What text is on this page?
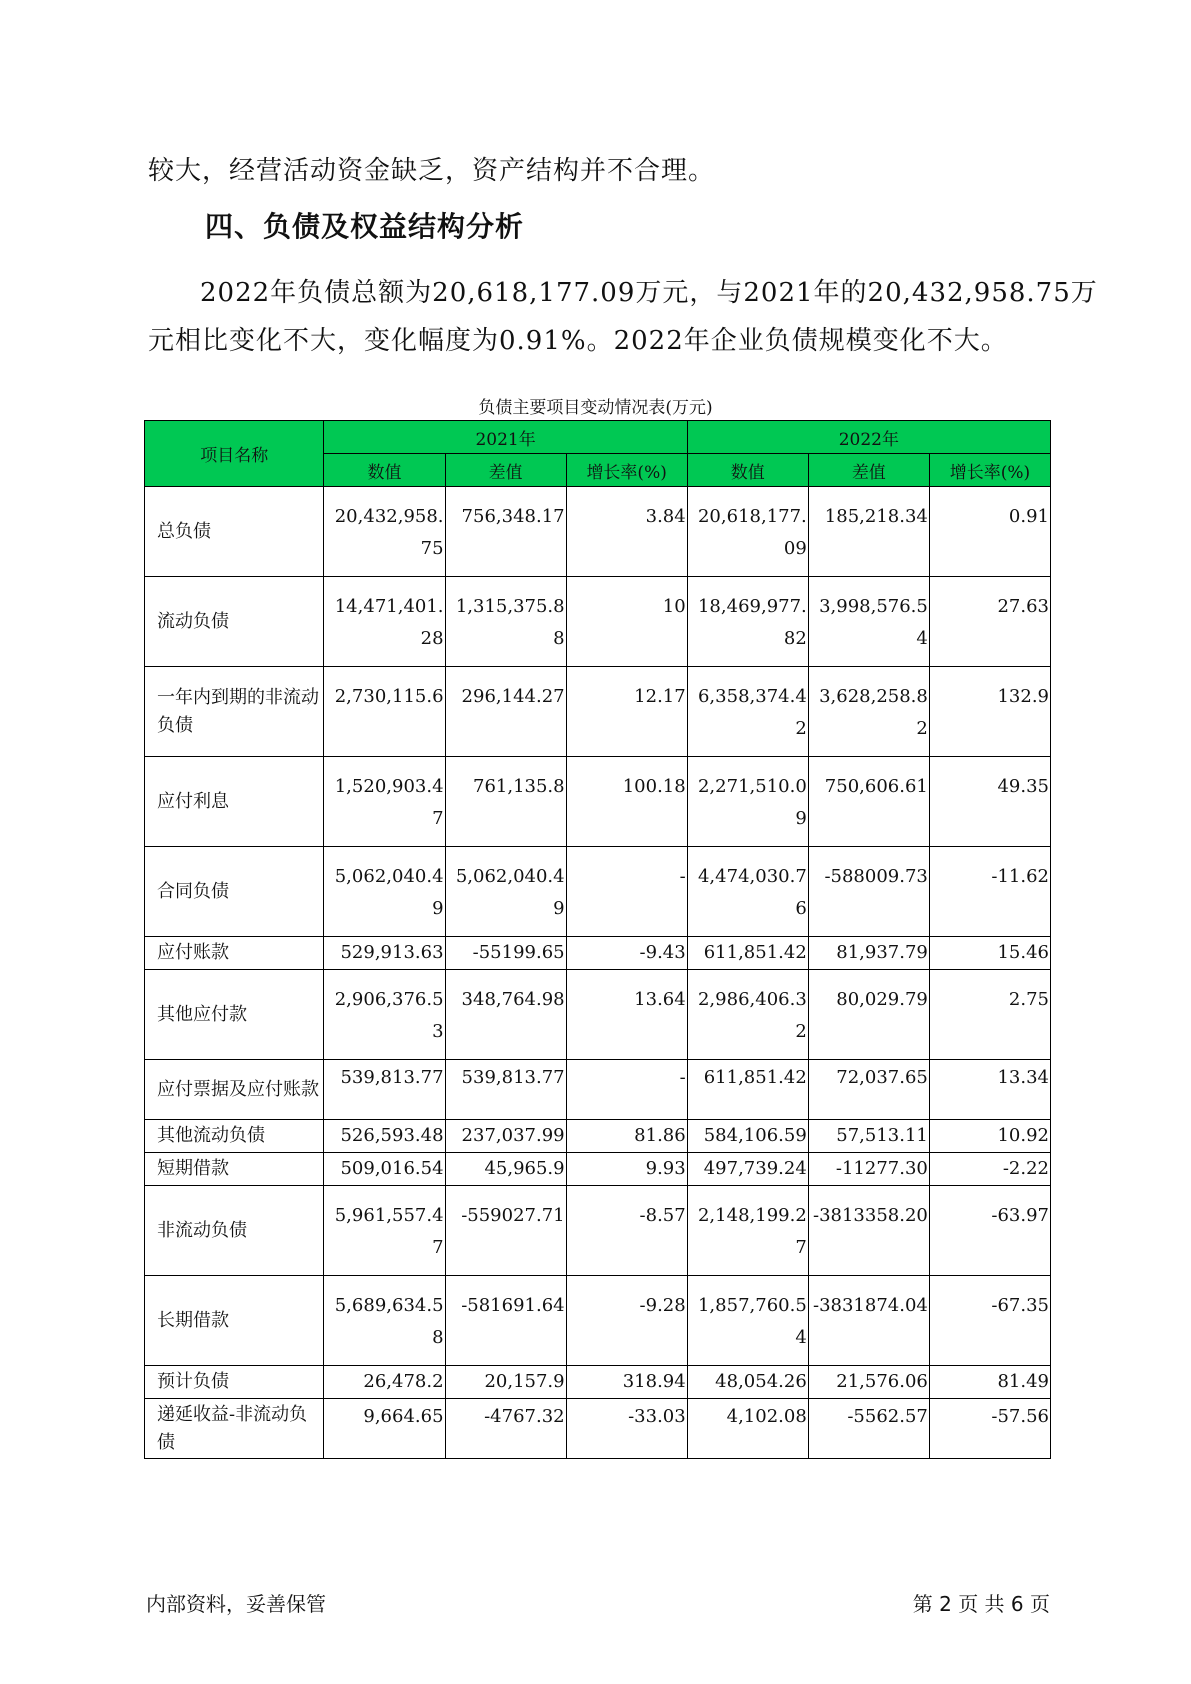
较大，经营活动资金缺乏，资产结构并不合理。
四、负债及权益结构分析
2022年负债总额为20,618,177.09万元，与2021年的20,432,958.75万
元相比变化不大，变化幅度为0.91%。2022年企业负债规模变化不大。
负债主要项目变动情况表(万元)
项目名称	2021年			2022年		
	数值	差值	增长率(%)	数值	差值	增长率(%)
总负债	20,432,958.75	756,348.17	3.84	20,618,177.09	185,218.34	0.91
流动负债	14,471,401.28	1,315,375.88	10	18,469,977.82	3,998,576.54	27.63
一年内到期的非流动负债	2,730,115.6	296,144.27	12.17	6,358,374.42	3,628,258.82	132.9
应付利息	1,520,903.47	761,135.8	100.18	2,271,510.09	750,606.61	49.35
合同负债	5,062,040.49	5,062,040.49	-	4,474,030.76	-588009.73	-11.62
应付账款	529,913.63	-55199.65	-9.43	611,851.42	81,937.79	15.46
其他应付款	2,906,376.53	348,764.98	13.64	2,986,406.32	80,029.79	2.75
应付票据及应付账款	539,813.77	539,813.77	-	611,851.42	72,037.65	13.34
其他流动负债	526,593.48	237,037.99	81.86	584,106.59	57,513.11	10.92
短期借款	509,016.54	45,965.9	9.93	497,739.24	-11277.30	-2.22
非流动负债	5,961,557.47	-559027.71	-8.57	2,148,199.27	-3813358.20	-63.97
长期借款	5,689,634.58	-581691.64	-9.28	1,857,760.54	-3831874.04	-67.35
预计负债	26,478.2	20,157.9	318.94	48,054.26	21,576.06	81.49
递延收益-非流动负债	9,664.65	-4767.32	-33.03	4,102.08	-5562.57	-57.56
内部资料，妥善保管	第 2 页 共 6 页
